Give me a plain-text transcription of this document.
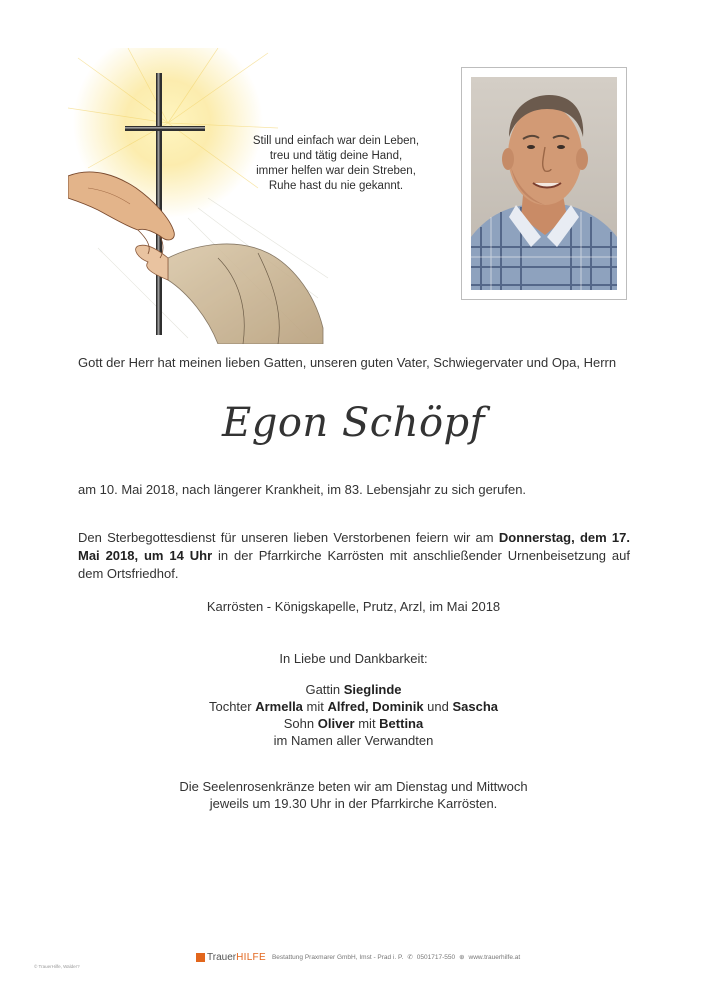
Still und einfach war dein Leben,
treu und tätig deine Hand,
immer helfen war dein Streben,
Ruhe hast du nie gekannt.
Gott der Herr hat meinen lieben Gatten, unseren guten Vater, Schwiegervater und Opa, Herrn
Egon Schöpf
am 10. Mai 2018, nach längerer Krankheit, im 83. Lebensjahr zu sich gerufen.
Den Sterbegottesdienst für unseren lieben Verstorbenen feiern wir am Donnerstag, dem 17. Mai 2018, um 14 Uhr in der Pfarrkirche Karrösten mit anschließender Urnenbeisetzung auf dem Ortsfriedhof.
Karrösten - Königskapelle, Prutz, Arzl, im Mai 2018
In Liebe und Dankbarkeit:
Gattin Sieglinde
Tochter Armella mit Alfred, Dominik und Sascha
Sohn Oliver mit Bettina
im Namen aller Verwandten
Die Seelenrosenkränze beten wir am Dienstag und Mittwoch
jeweils um 19.30 Uhr in der Pfarrkirche Karrösten.
Trauer HILFE Bestattung Praxmarer GmbH, Imst - Prad i. P. ✆ 0501717-550 ⊕ www.trauerhilfe.at
© TrauerHilfe, Walder?
